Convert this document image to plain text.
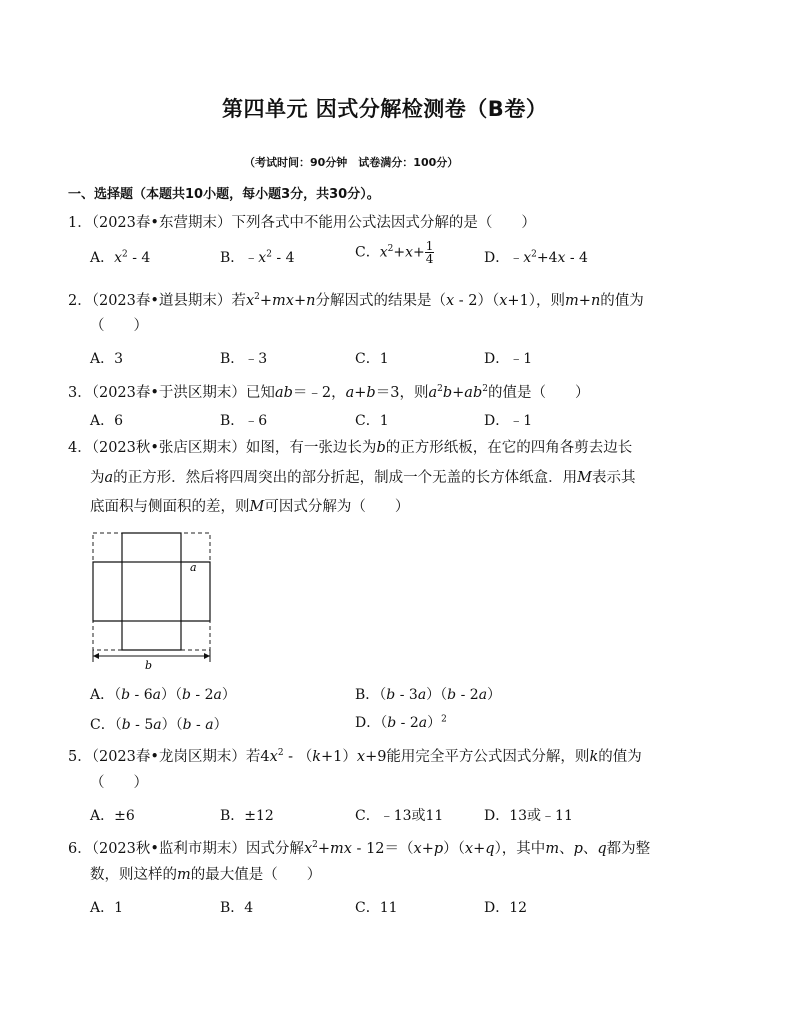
第四单元 因式分解检测卷（B卷）
（考试时间：90分钟　试卷满分：100分）
一、选择题（本题共10小题，每小题3分，共30分）。
1．（2023春•东营期末）下列各式中不能用公式法因式分解的是（　　）
A．$x^2 - 4$	B．$﹣x^2 - 4$	C．$x^2+x+ \frac{1}{4}$	D．$﹣x^2+4x - 4$
2．（2023春•道县期末）若$x^2+mx+n$分解因式的结果是（x - 2）（x+1），则m+n的值为
（　　）
A．3	B．﹣3	C．1	D．﹣1
3．（2023春•于洪区期末）已知ab＝﹣2，a+b＝3，则$a^2b+ab^2$的值是（　　）
A．6	B．﹣6	C．1	D．﹣1
4．（2023秋•张店区期末）如图，有一张边长为b的正方形纸板，在它的四角各剪去边长
为a的正方形．然后将四周突出的部分折起，制成一个无盖的长方体纸盒．用M表示其
底面积与侧面积的差，则M可因式分解为（　　）
a
b
A．（b - 6a）（b - 2a）	B．（b - 3a）（b - 2a）
C．（b - 5a）（b - a）	D．（b - 2a）$^2$
5．（2023春•龙岗区期末）若$4x^2 - (k+1)x+9$能用完全平方公式因式分解，则k的值为
（　　）
A．±6	B．±12	C．﹣13或11	D．13或﹣11
6．（2023秋•监利市期末）因式分解$x^2+mx - 12=(x+p)(x+q)$，其中m、p、q都为整
数，则这样的m的最大值是（　　）
A．1	B．4	C．11	D．12
